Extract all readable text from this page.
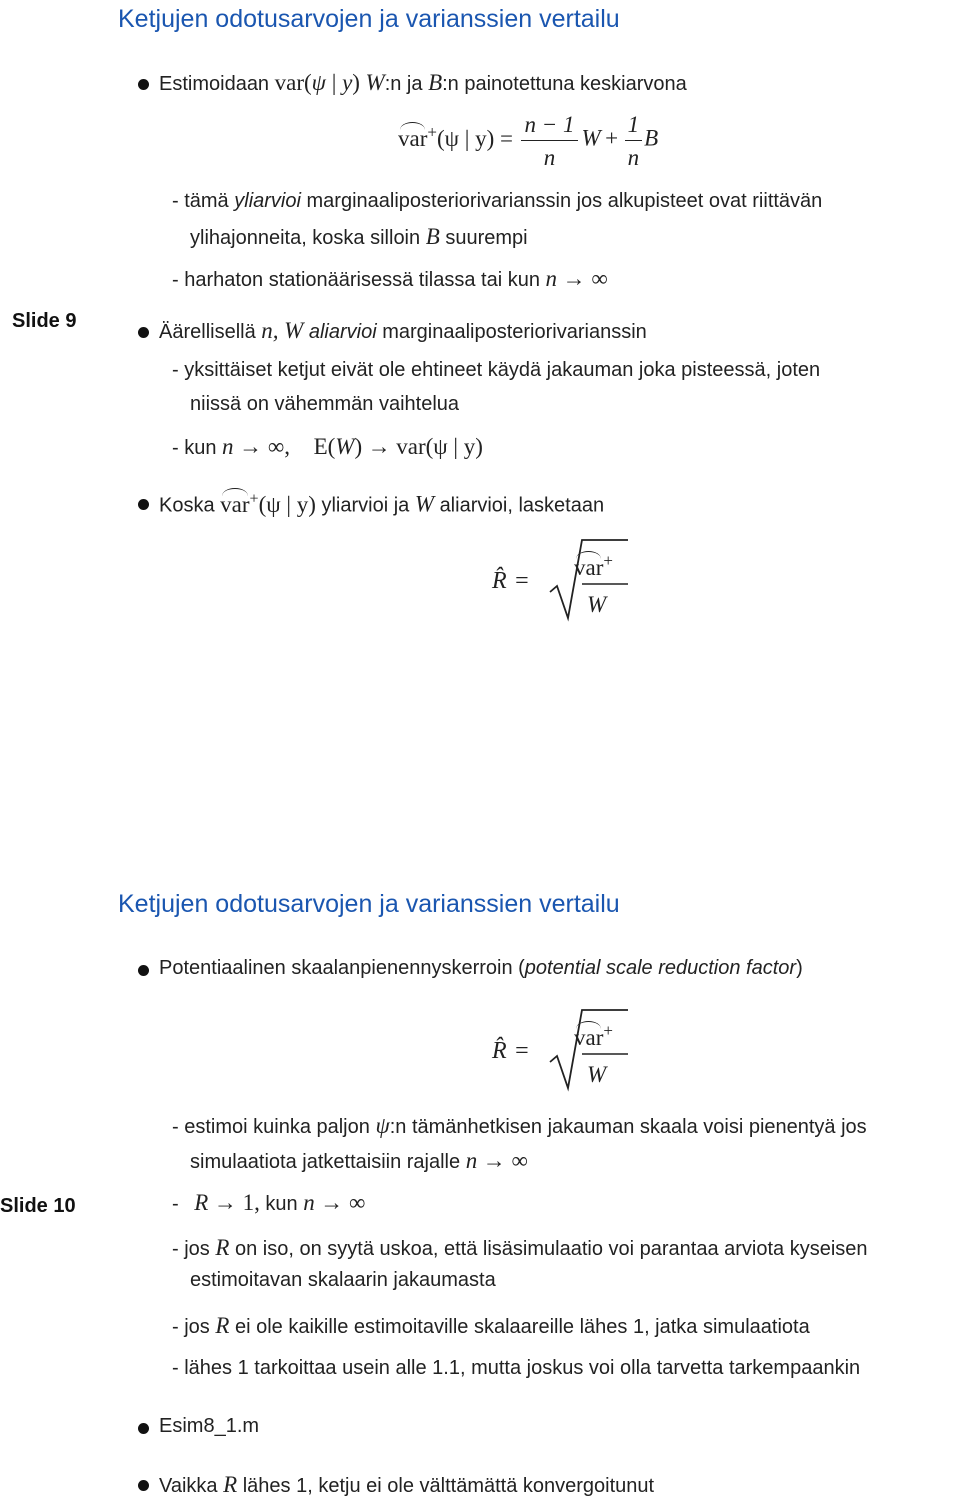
Ketjujen odotusarvojen ja varianssien vertailu
Slide 9
Estimoidaan var(ψ | y) W:n ja B:n painotettuna keskiarvona
var+(ψ | $y) = \frac{n - 1}{n}$ $W + \frac{1}{n}$ B
- tämä yliarvioi marginaaliposteriorivarianssin jos alkupisteet ovat riittävän
ylihajonneita, koska silloin B suurempi
- harhaton stationäärisessä tilassa tai kun n → ∞
Äärellisellä n, W aliarvioi marginaaliposteriorivarianssin
- yksittäiset ketjut eivät ole ehtineet käydä jakauman joka pisteessä, joten
niissä on vähemmän vaihtelua
- kun n → ∞, E(W) → var(ψ | y)
Koska var+(ψ | y) yliarvioi ja W aliarvioi, lasketaan
R̂ =
var+
W
Ketjujen odotusarvojen ja varianssien vertailu
Slide 10
Potentiaalinen skaalanpienennyskerroin (potential scale reduction factor)
R̂ =
var+
W
- estimoi kuinka paljon ψ:n tämänhetkisen jakauman skaala voisi pienentyä jos
simulaatiota jatkettaisiin rajalle n → ∞
- R → 1, kun n → ∞
- jos R on iso, on syytä uskoa, että lisäsimulaatio voi parantaa arviota kyseisen
estimoitavan skalaarin jakaumasta
- jos R ei ole kaikille estimoitaville skalaareille lähes 1, jatka simulaatiota
- lähes 1 tarkoittaa usein alle 1.1, mutta joskus voi olla tarvetta tarkempaankin
Esim8_1.m
Vaikka R lähes 1, ketju ei ole välttämättä konvergoitunut
